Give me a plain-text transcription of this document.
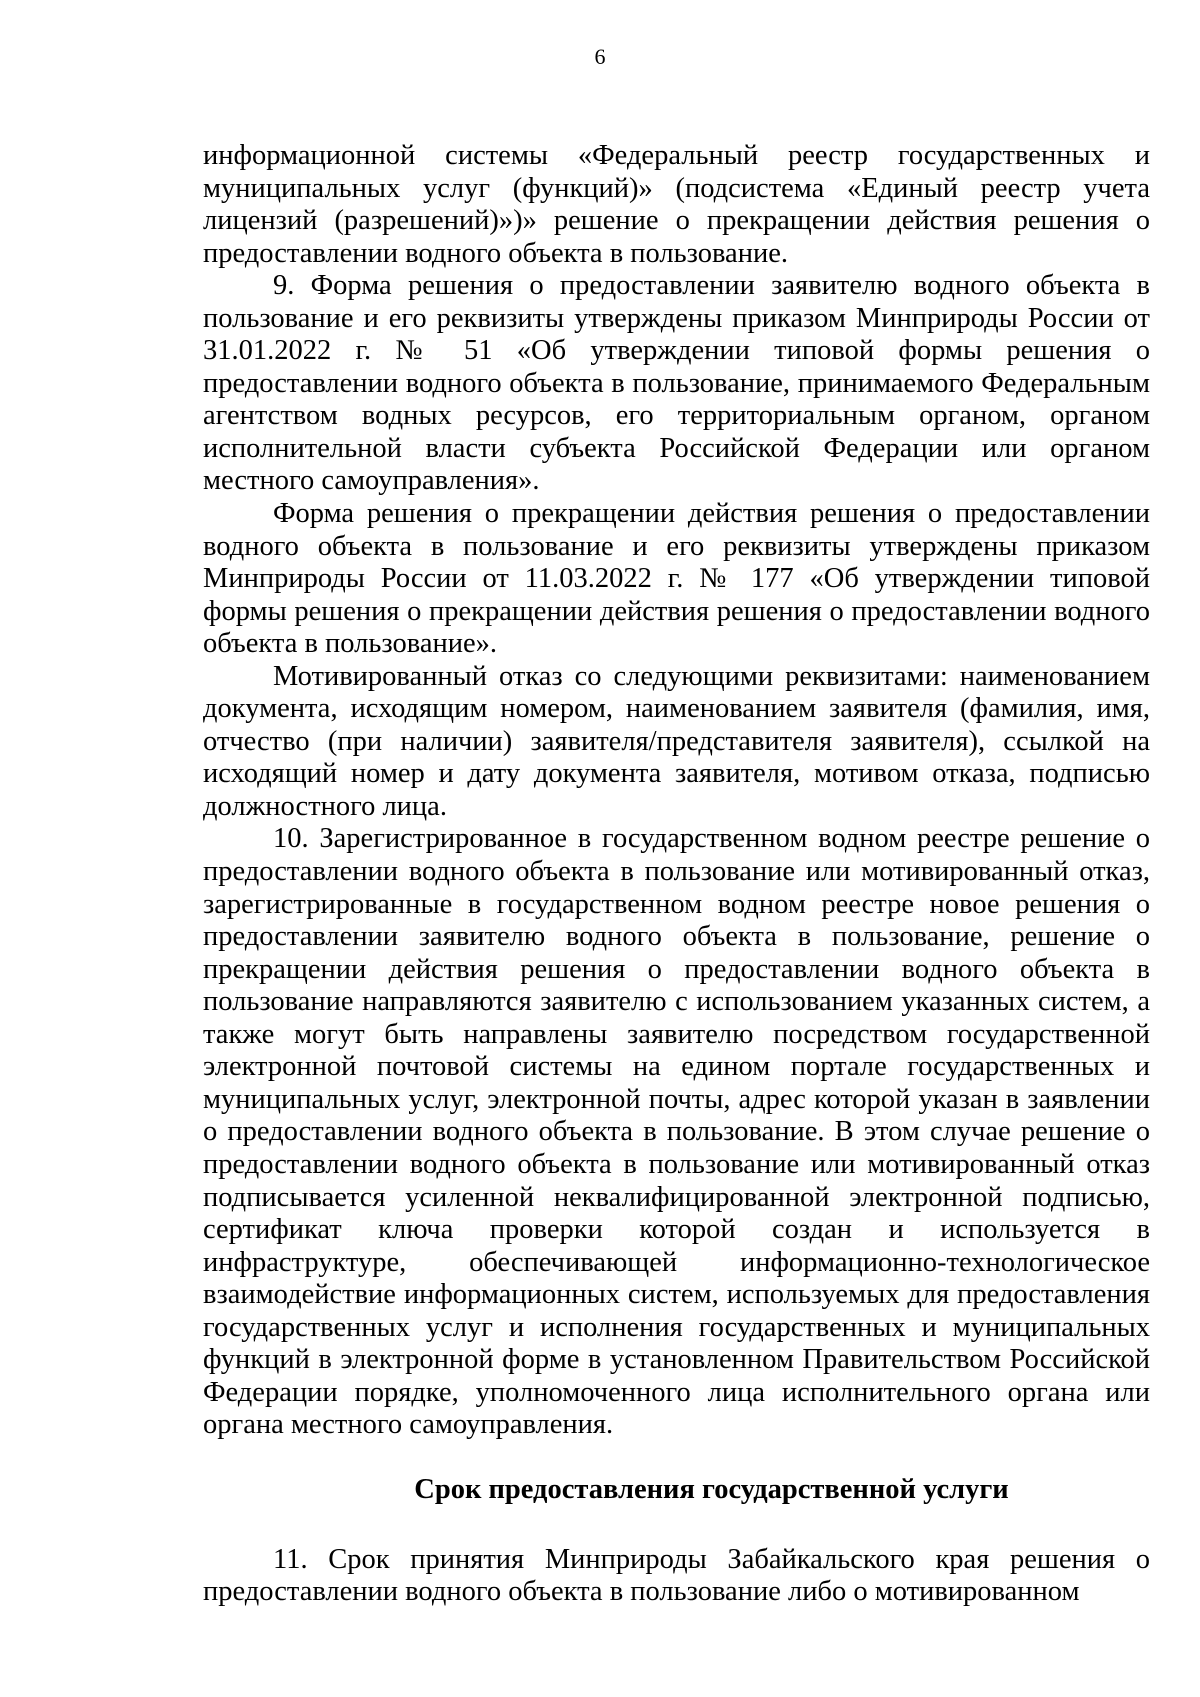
6

информационной системы «Федеральный реестр государственных и муниципальных услуг (функций)» (подсистема «Единый реестр учета лицензий (разрешений)»)» решение о прекращении действия решения о предоставлении водного объекта в пользование.

9. Форма решения о предоставлении заявителю водного объекта в пользование и его реквизиты утверждены приказом Минприроды России от 31.01.2022 г. № 51 «Об утверждении типовой формы решения о предоставлении водного объекта в пользование, принимаемого Федеральным агентством водных ресурсов, его территориальным органом, органом исполнительной власти субъекта Российской Федерации или органом местного самоуправления».

Форма решения о прекращении действия решения о предоставлении водного объекта в пользование и его реквизиты утверждены приказом Минприроды России от 11.03.2022 г. № 177 «Об утверждении типовой формы решения о прекращении действия решения о предоставлении водного объекта в пользование».

Мотивированный отказ со следующими реквизитами: наименованием документа, исходящим номером, наименованием заявителя (фамилия, имя, отчество (при наличии) заявителя/представителя заявителя), ссылкой на исходящий номер и дату документа заявителя, мотивом отказа, подписью должностного лица.

10. Зарегистрированное в государственном водном реестре решение о предоставлении водного объекта в пользование или мотивированный отказ, зарегистрированные в государственном водном реестре новое решения о предоставлении заявителю водного объекта в пользование, решение о прекращении действия решения о предоставлении водного объекта в пользование направляются заявителю с использованием указанных систем, а также могут быть направлены заявителю посредством государственной электронной почтовой системы на едином портале государственных и муниципальных услуг, электронной почты, адрес которой указан в заявлении о предоставлении водного объекта в пользование. В этом случае решение о предоставлении водного объекта в пользование или мотивированный отказ подписывается усиленной неквалифицированной электронной подписью, сертификат ключа проверки которой создан и используется в инфраструктуре, обеспечивающей информационно-технологическое взаимодействие информационных систем, используемых для предоставления государственных услуг и исполнения государственных и муниципальных функций в электронной форме в установленном Правительством Российской Федерации порядке, уполномоченного лица исполнительного органа или органа местного самоуправления.

Срок предоставления государственной услуги

11. Срок принятия Минприроды Забайкальского края решения о предоставлении водного объекта в пользование либо о мотивированном
